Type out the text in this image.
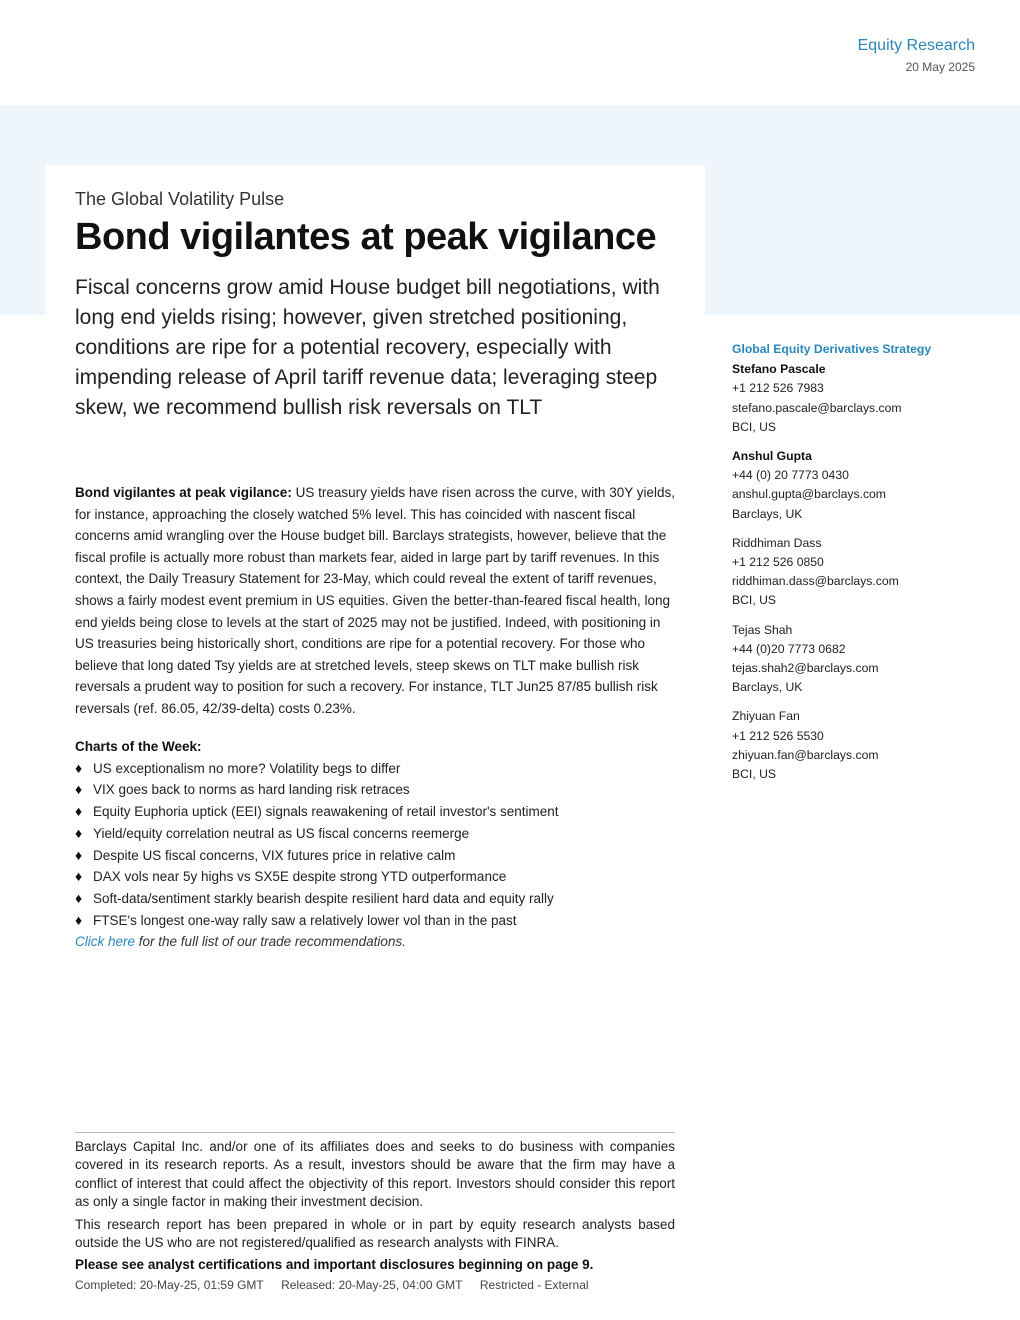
Equity Research
20 May 2025
The Global Volatility Pulse
Bond vigilantes at peak vigilance
Fiscal concerns grow amid House budget bill negotiations, with long end yields rising; however, given stretched positioning, conditions are ripe for a potential recovery, especially with impending release of April tariff revenue data; leveraging steep skew, we recommend bullish risk reversals on TLT
Bond vigilantes at peak vigilance: US treasury yields have risen across the curve, with 30Y yields, for instance, approaching the closely watched 5% level. This has coincided with nascent fiscal concerns amid wrangling over the House budget bill. Barclays strategists, however, believe that the fiscal profile is actually more robust than markets fear, aided in large part by tariff revenues. In this context, the Daily Treasury Statement for 23-May, which could reveal the extent of tariff revenues, shows a fairly modest event premium in US equities. Given the better-than-feared fiscal health, long end yields being close to levels at the start of 2025 may not be justified. Indeed, with positioning in US treasuries being historically short, conditions are ripe for a potential recovery. For those who believe that long dated Tsy yields are at stretched levels, steep skews on TLT make bullish risk reversals a prudent way to position for such a recovery. For instance, TLT Jun25 87/85 bullish risk reversals (ref. 86.05, 42/39-delta) costs 0.23%.
Charts of the Week:
♦ US exceptionalism no more? Volatility begs to differ
♦ VIX goes back to norms as hard landing risk retraces
♦ Equity Euphoria uptick (EEI) signals reawakening of retail investor's sentiment
♦ Yield/equity correlation neutral as US fiscal concerns reemerge
♦ Despite US fiscal concerns, VIX futures price in relative calm
♦ DAX vols near 5y highs vs SX5E despite strong YTD outperformance
♦ Soft-data/sentiment starkly bearish despite resilient hard data and equity rally
♦ FTSE's longest one-way rally saw a relatively lower vol than in the past
Click here for the full list of our trade recommendations.
Global Equity Derivatives Strategy
Stefano Pascale
+1 212 526 7983
stefano.pascale@barclays.com
BCI, US
Anshul Gupta
+44 (0) 20 7773 0430
anshul.gupta@barclays.com
Barclays, UK
Riddhiman Dass
+1 212 526 0850
riddhiman.dass@barclays.com
BCI, US
Tejas Shah
+44 (0)20 7773 0682
tejas.shah2@barclays.com
Barclays, UK
Zhiyuan Fan
+1 212 526 5530
zhiyuan.fan@barclays.com
BCI, US

Barclays Capital Inc. and/or one of its affiliates does and seeks to do business with companies covered in its research reports. As a result, investors should be aware that the firm may have a conflict of interest that could affect the objectivity of this report. Investors should consider this report as only a single factor in making their investment decision.

This research report has been prepared in whole or in part by equity research analysts based outside the US who are not registered/qualified as research analysts with FINRA.

Please see analyst certifications and important disclosures beginning on page 9.
Completed: 20-May-25, 01:59 GMT Released: 20-May-25, 04:00 GMT Restricted - External
